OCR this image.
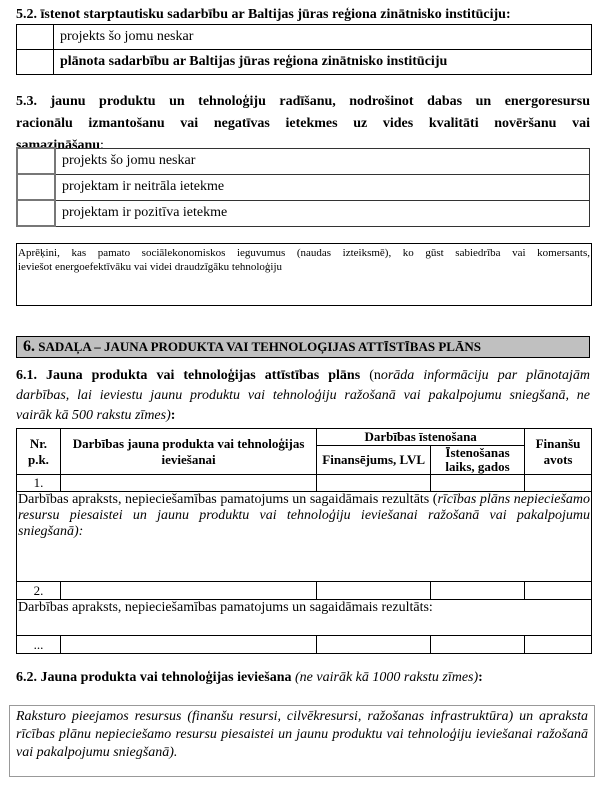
5.2. īstenot starptautisku sadarbību ar Baltijas jūras reģiona zinātnisko institūciju:
	projekts šo jomu neskar
	plānota sadarbību ar Baltijas jūras reģiona zinātnisko institūciju
5.3. jaunu produktu un tehnoloģiju radīšanu, nodrošinot dabas un energoresursu
racionālu izmantošanu vai negatīvas ietekmes uz vides kvalitāti novēršanu vai
samazināšanu:
	projekts šo jomu neskar
	projektam ir neitrāla ietekme
	projektam ir pozitīva ietekme
Aprēķini, kas pamato sociālekonomiskos ieguvumus (naudas izteiksmē), ko gūst sabiedrība vai komersants,
ieviešot energoefektīvāku vai videi draudzīgāku tehnoloģiju
6. SADAĻA – JAUNA PRODUKTA VAI TEHNOLOĢIJAS ATTĪSTĪBAS PLĀNS
6.1. Jauna produkta vai tehnoloģijas attīstības plāns (norāda informāciju par plānotajām
darbības, lai ieviestu jaunu produktu vai tehnoloģiju ražošanā vai pakalpojumu sniegšanā, ne
vairāk kā 500 rakstu zīmes):
Nr. p.k.	Darbības jauna produkta vai tehnoloģijas ieviešanai	Darbības īstenošana		Finanšu avots
		Finansējums, LVL	Īstenošanas laiks, gados	
1.				
Darbības apraksts, nepieciešamības pamatojums un sagaidāmais rezultāts (rīcības plāns nepieciešamo resursu piesaistei un jaunu produktu vai tehnoloģiju ieviešanai ražošanā vai pakalpojumu sniegšanā):				
2.				
Darbības apraksts, nepieciešamības pamatojums un sagaidāmais rezultāts:				
...				
6.2. Jauna produkta vai tehnoloģijas ieviešana (ne vairāk kā 1000 rakstu zīmes):
Raksturo pieejamos resursus (finanšu resursi, cilvēkresursi, ražošanas infrastruktūra) un apraksta rīcības plānu nepieciešamo resursu piesaistei un jaunu produktu vai tehnoloģiju ieviešanai ražošanā vai pakalpojumu sniegšanā).
